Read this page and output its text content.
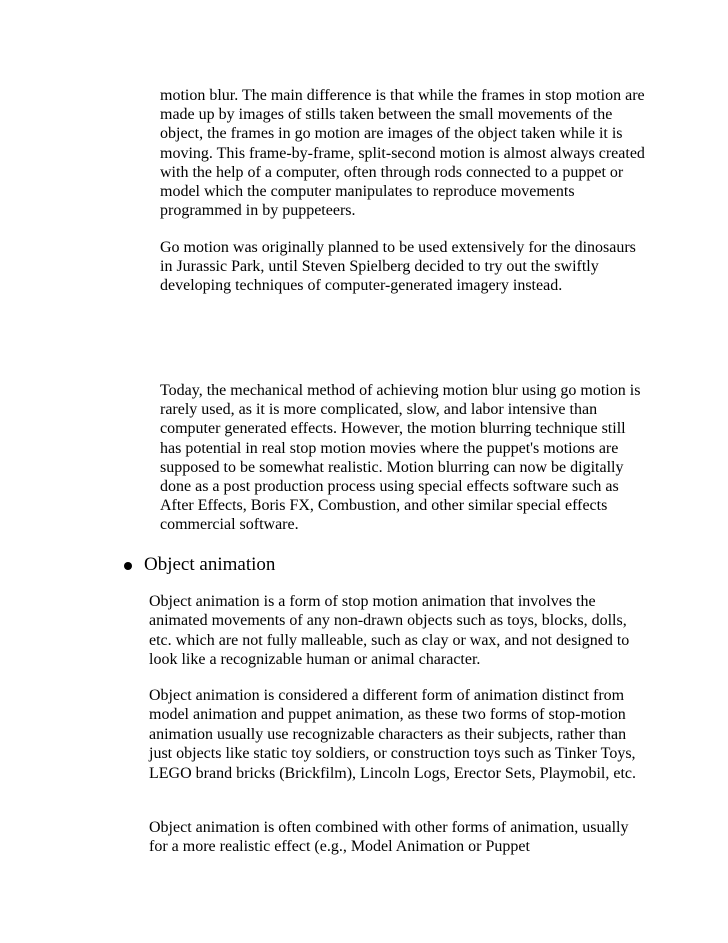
motion blur. The main difference is that while the frames in stop motion are made up by images of stills taken between the small movements of the object, the frames in go motion are images of the object taken while it is moving. This frame-by-frame, split-second motion is almost always created with the help of a computer, often through rods connected to a puppet or model which the computer manipulates to reproduce movements programmed in by puppeteers.

Go motion was originally planned to be used extensively for the dinosaurs in Jurassic Park, until Steven Spielberg decided to try out the swiftly developing techniques of computer-generated imagery instead.

Today, the mechanical method of achieving motion blur using go motion is rarely used, as it is more complicated, slow, and labor intensive than computer generated effects. However, the motion blurring technique still has potential in real stop motion movies where the puppet's motions are supposed to be somewhat realistic. Motion blurring can now be digitally done as a post production process using special effects software such as After Effects, Boris FX, Combustion, and other similar special effects commercial software.

Object animation

Object animation is a form of stop motion animation that involves the animated movements of any non-drawn objects such as toys, blocks, dolls, etc. which are not fully malleable, such as clay or wax, and not designed to look like a recognizable human or animal character.

Object animation is considered a different form of animation distinct from model animation and puppet animation, as these two forms of stop-motion animation usually use recognizable characters as their subjects, rather than just objects like static toy soldiers, or construction toys such as Tinker Toys, LEGO brand bricks (Brickfilm), Lincoln Logs, Erector Sets, Playmobil, etc.

Object animation is often combined with other forms of animation, usually for a more realistic effect (e.g., Model Animation or Puppet
